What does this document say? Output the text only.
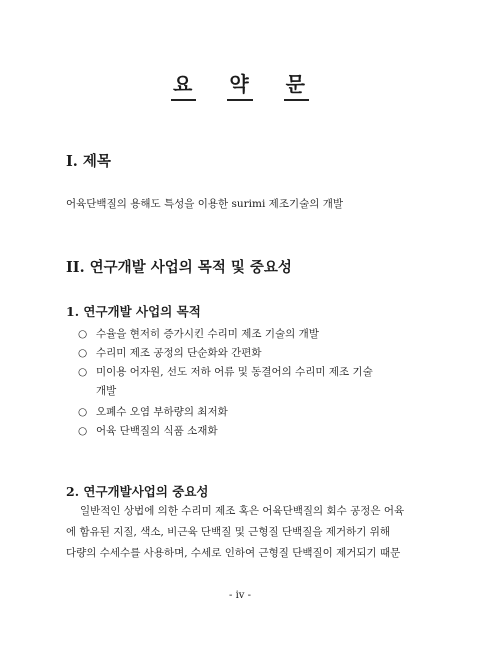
요 약 문
I. 제목
어육단백질의 용해도 특성을 이용한 surimi 제조기술의 개발
II. 연구개발 사업의 목적 및 중요성
1. 연구개발 사업의 목적
○ 수율을 현저히 증가시킨 수리미 제조 기술의 개발
○ 수리미 제조 공정의 단순화와 간편화
○ 미이용 어자원, 선도 저하 어류 및 동결어의 수리미 제조 기술
개발
○ 오폐수 오염 부하량의 최저화
○ 어육 단백질의 식품 소재화
2. 연구개발사업의 중요성
일반적인 상법에 의한 수리미 제조 혹은 어육단백질의 회수 공정은 어육
에 함유된 지질, 색소, 비근육 단백질 및 근형질 단백질을 제거하기 위해
다량의 수세수를 사용하며, 수세로 인하여 근형질 단백질이 제거되기 때문
- iv -
